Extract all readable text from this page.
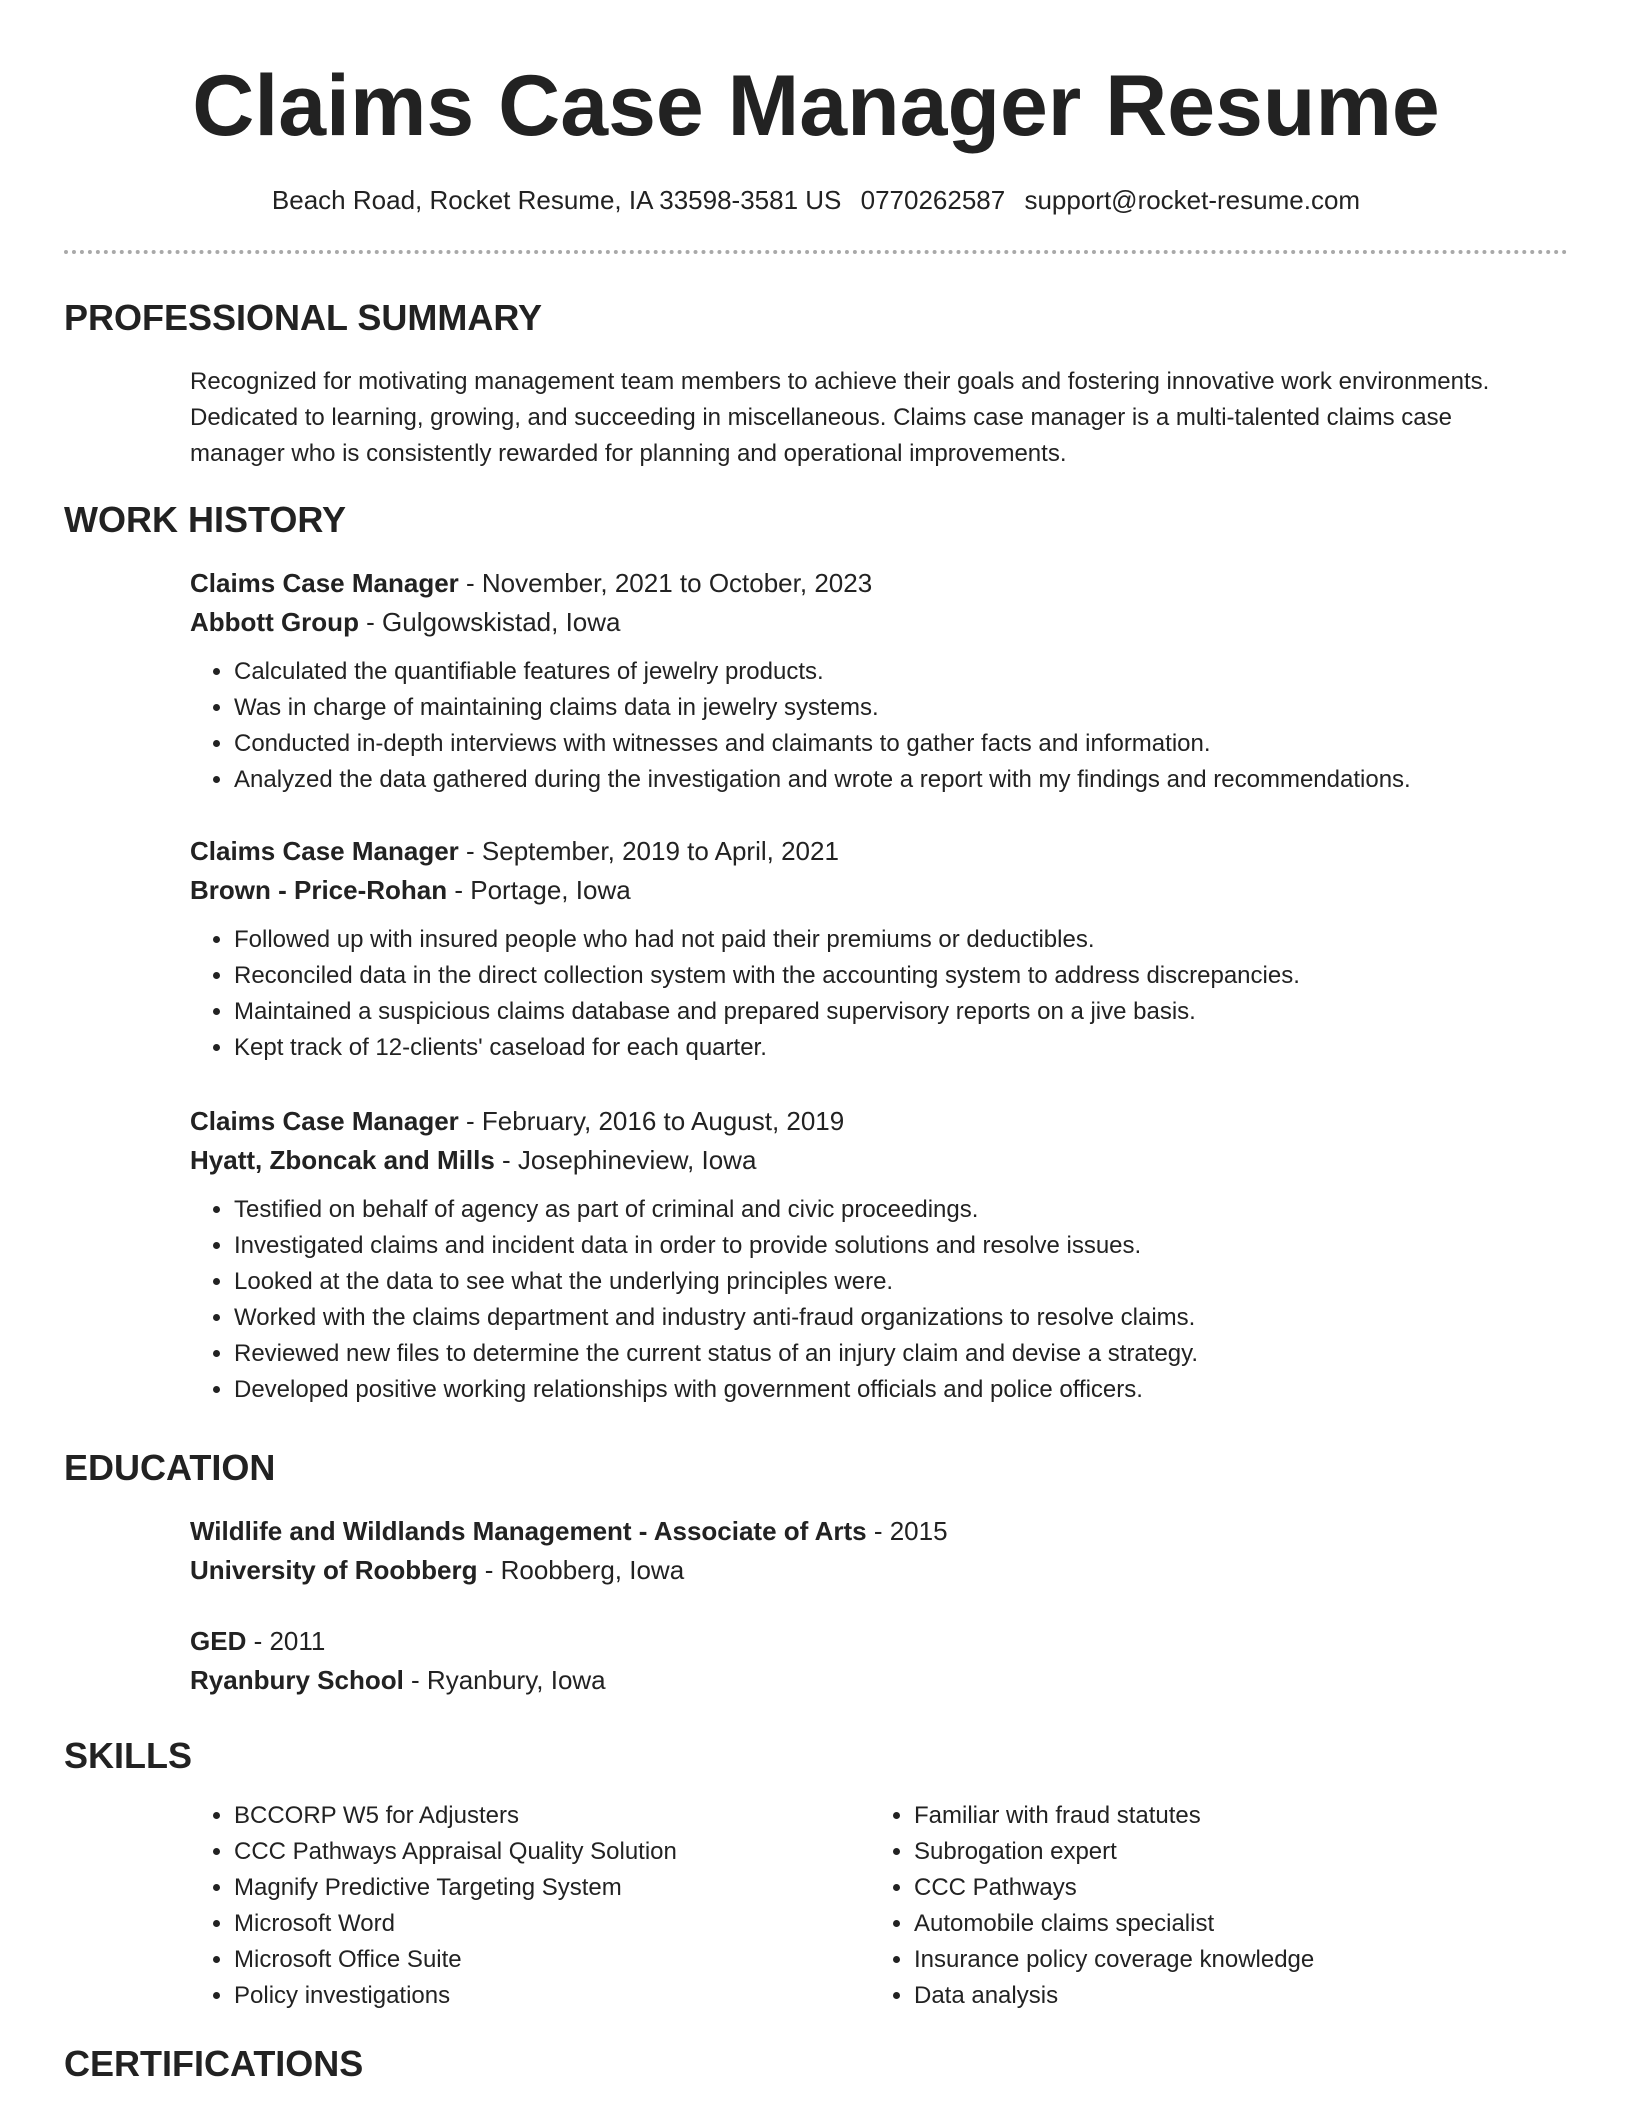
Claims Case Manager Resume
Beach Road, Rocket Resume, IA 33598-3581 US 0770262587 support@rocket-resume.com
PROFESSIONAL SUMMARY

Recognized for motivating management team members to achieve their goals and fostering innovative work environments.

Dedicated to learning, growing, and succeeding in miscellaneous. Claims case manager is a multi-talented claims case

manager who is consistently rewarded for planning and operational improvements.

WORK HISTORY

Claims Case Manager - November, 2021 to October, 2023

Abbott Group - Gulgowskistad, Iowa

• Calculated the quantifiable features of jewelry products.
• Was in charge of maintaining claims data in jewelry systems.
• Conducted in-depth interviews with witnesses and claimants to gather facts and information.
• Analyzed the data gathered during the investigation and wrote a report with my findings and recommendations.

Claims Case Manager - September, 2019 to April, 2021

Brown - Price-Rohan - Portage, Iowa

• Followed up with insured people who had not paid their premiums or deductibles.
• Reconciled data in the direct collection system with the accounting system to address discrepancies.
• Maintained a suspicious claims database and prepared supervisory reports on a jive basis.
• Kept track of 12-clients' caseload for each quarter.

Claims Case Manager - February, 2016 to August, 2019

Hyatt, Zboncak and Mills - Josephineview, Iowa

• Testified on behalf of agency as part of criminal and civic proceedings.
• Investigated claims and incident data in order to provide solutions and resolve issues.
• Looked at the data to see what the underlying principles were.
• Worked with the claims department and industry anti-fraud organizations to resolve claims.
• Reviewed new files to determine the current status of an injury claim and devise a strategy.
• Developed positive working relationships with government officials and police officers.
EDUCATION

Wildlife and Wildlands Management - Associate of Arts - 2015

University of Roobberg - Roobberg, Iowa

GED - 2011

Ryanbury School - Ryanbury, Iowa

SKILLS
• BCCORP W5 for Adjusters
• CCC Pathways Appraisal Quality Solution
• Magnify Predictive Targeting System
• Microsoft Word
• Microsoft Office Suite
• Policy investigations
• Familiar with fraud statutes
• Subrogation expert
• CCC Pathways
• Automobile claims specialist
• Insurance policy coverage knowledge
• Data analysis
CERTIFICATIONS
